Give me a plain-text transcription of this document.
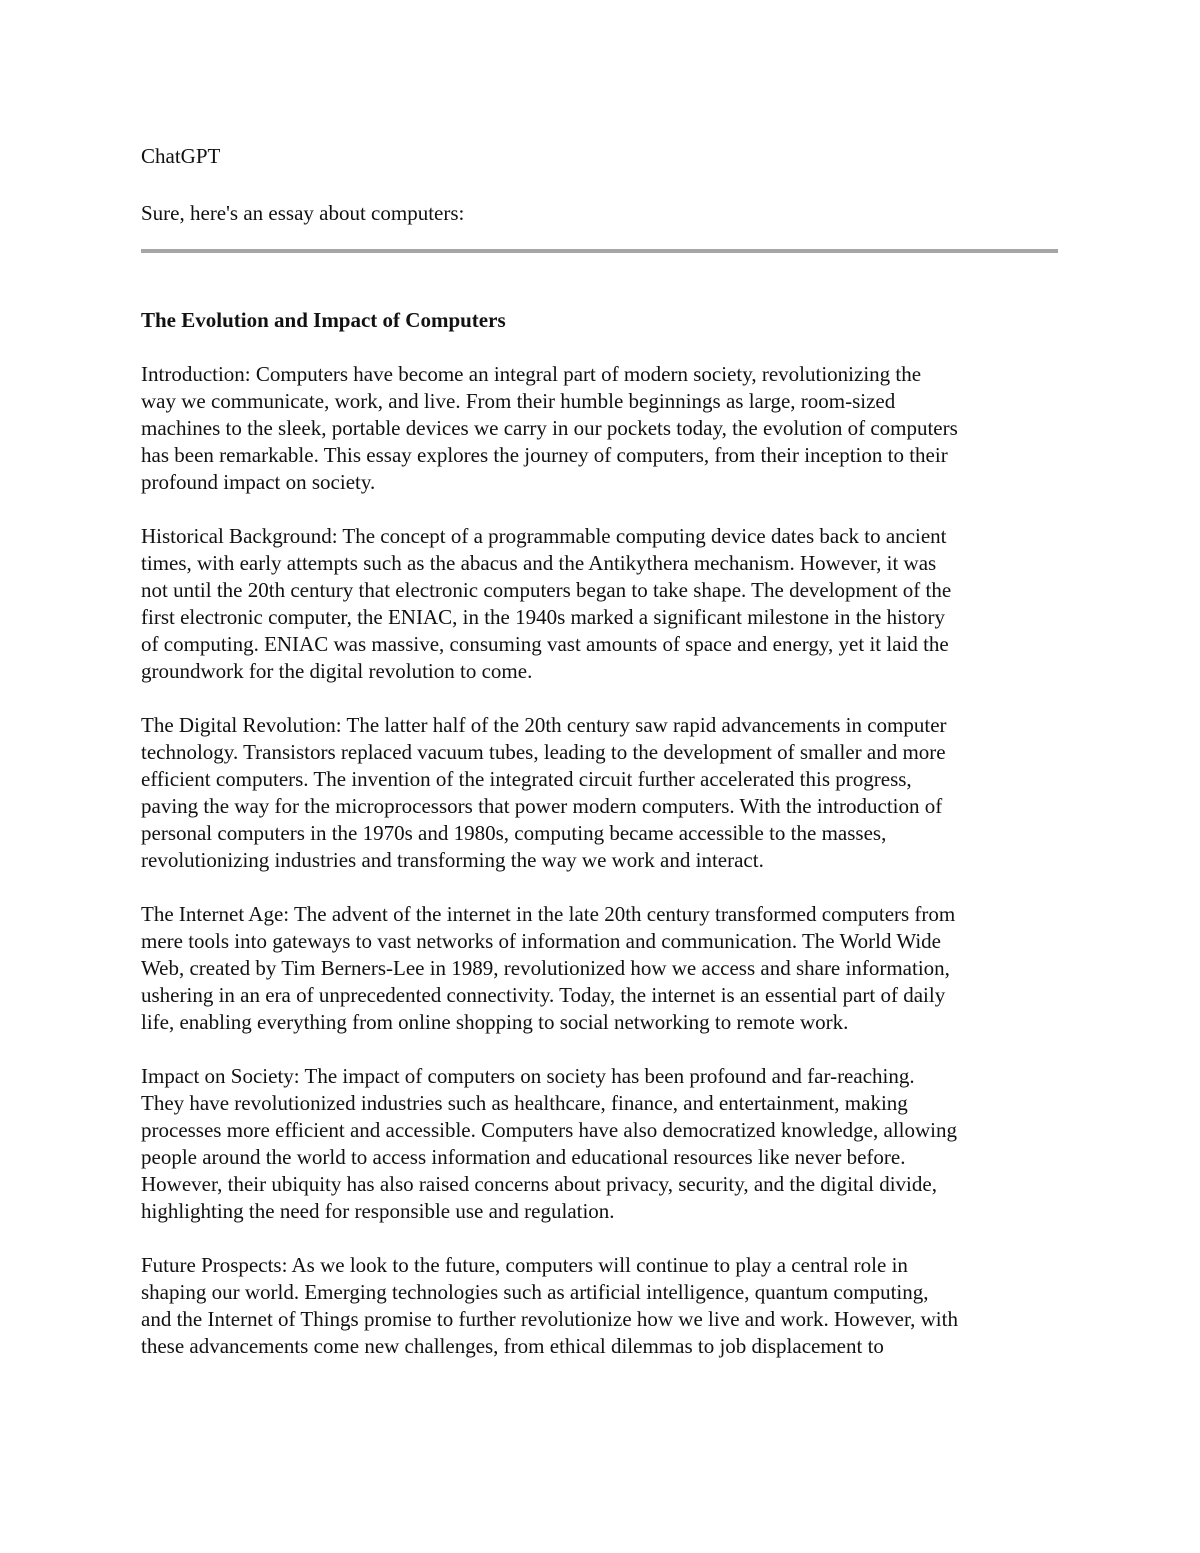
ChatGPT

Sure, here's an essay about computers:

The Evolution and Impact of Computers

Introduction: Computers have become an integral part of modern society, revolutionizing the
way we communicate, work, and live. From their humble beginnings as large, room-sized
machines to the sleek, portable devices we carry in our pockets today, the evolution of computers
has been remarkable. This essay explores the journey of computers, from their inception to their
profound impact on society.

Historical Background: The concept of a programmable computing device dates back to ancient
times, with early attempts such as the abacus and the Antikythera mechanism. However, it was
not until the 20th century that electronic computers began to take shape. The development of the
first electronic computer, the ENIAC, in the 1940s marked a significant milestone in the history
of computing. ENIAC was massive, consuming vast amounts of space and energy, yet it laid the
groundwork for the digital revolution to come.

The Digital Revolution: The latter half of the 20th century saw rapid advancements in computer
technology. Transistors replaced vacuum tubes, leading to the development of smaller and more
efficient computers. The invention of the integrated circuit further accelerated this progress,
paving the way for the microprocessors that power modern computers. With the introduction of
personal computers in the 1970s and 1980s, computing became accessible to the masses,
revolutionizing industries and transforming the way we work and interact.

The Internet Age: The advent of the internet in the late 20th century transformed computers from
mere tools into gateways to vast networks of information and communication. The World Wide
Web, created by Tim Berners-Lee in 1989, revolutionized how we access and share information,
ushering in an era of unprecedented connectivity. Today, the internet is an essential part of daily
life, enabling everything from online shopping to social networking to remote work.

Impact on Society: The impact of computers on society has been profound and far-reaching.
They have revolutionized industries such as healthcare, finance, and entertainment, making
processes more efficient and accessible. Computers have also democratized knowledge, allowing
people around the world to access information and educational resources like never before.
However, their ubiquity has also raised concerns about privacy, security, and the digital divide,
highlighting the need for responsible use and regulation.

Future Prospects: As we look to the future, computers will continue to play a central role in
shaping our world. Emerging technologies such as artificial intelligence, quantum computing,
and the Internet of Things promise to further revolutionize how we live and work. However, with
these advancements come new challenges, from ethical dilemmas to job displacement to
